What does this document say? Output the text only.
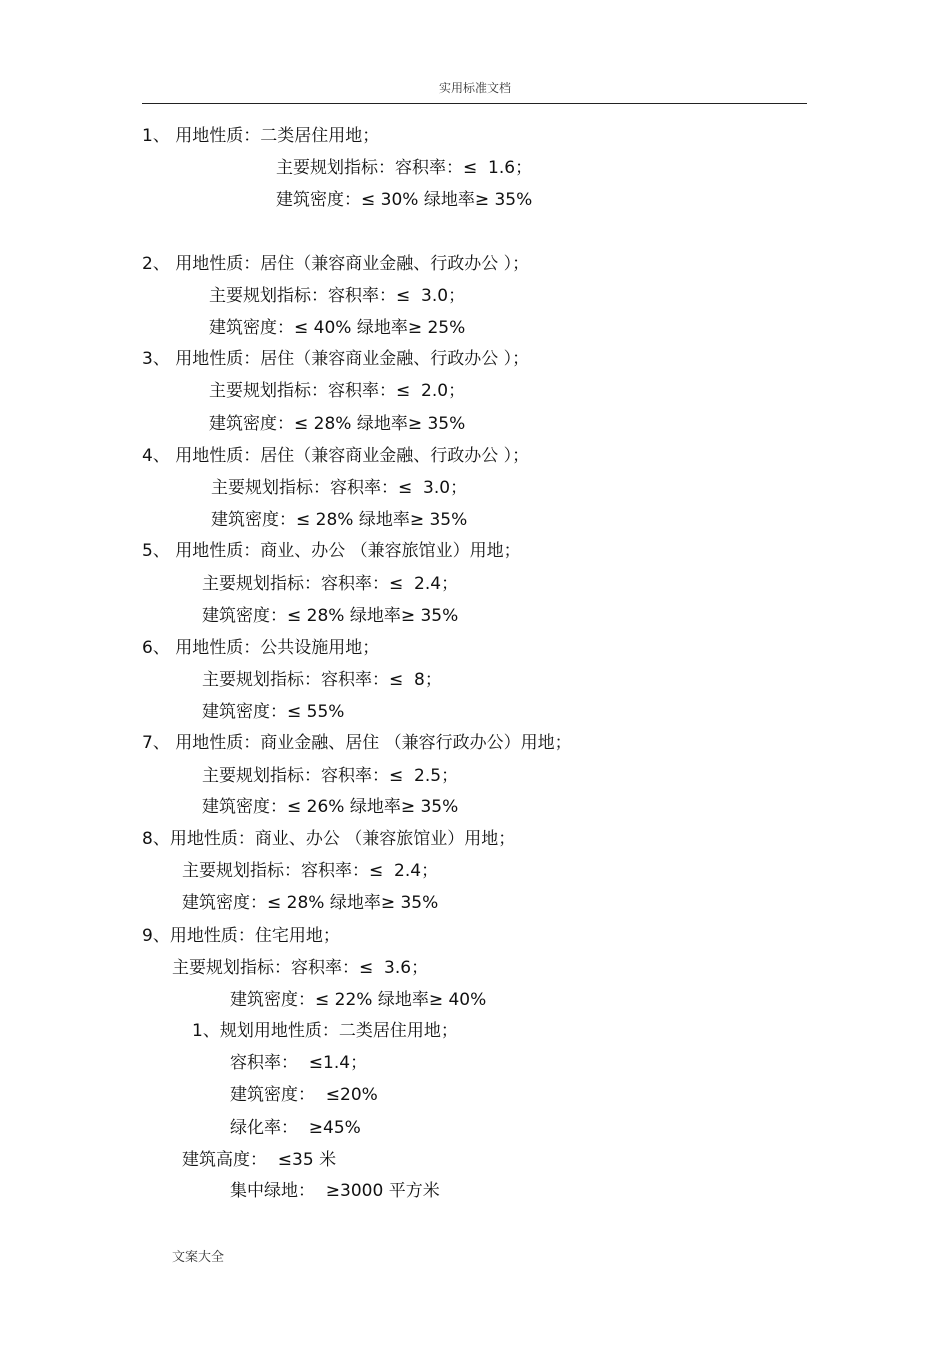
实用标准文档
1、 用地性质：二类居住用地；
主要规划指标：容积率：≤  1.6；
建筑密度：≤ 30% 绿地率≥ 35%
2、 用地性质：居住（兼容商业金融、行政办公 ）；
主要规划指标：容积率：≤  3.0；
建筑密度：≤ 40% 绿地率≥ 25%
3、 用地性质：居住（兼容商业金融、行政办公 ）；
主要规划指标：容积率：≤  2.0；
建筑密度：≤ 28% 绿地率≥ 35%
4、 用地性质：居住（兼容商业金融、行政办公 ）；
主要规划指标：容积率：≤  3.0；
建筑密度：≤ 28% 绿地率≥ 35%
5、 用地性质：商业、办公 （兼容旅馆业）用地；
主要规划指标：容积率：≤  2.4；
建筑密度：≤ 28% 绿地率≥ 35%
6、 用地性质：公共设施用地；
主要规划指标：容积率：≤  8；
建筑密度：≤ 55%
7、 用地性质：商业金融、居住 （兼容行政办公）用地；
主要规划指标：容积率：≤  2.5；
建筑密度：≤ 26% 绿地率≥ 35%
8、用地性质：商业、办公 （兼容旅馆业）用地；
主要规划指标：容积率：≤  2.4；
建筑密度：≤ 28% 绿地率≥ 35%
9、用地性质：住宅用地；
主要规划指标：容积率：≤  3.6；
建筑密度：≤ 22% 绿地率≥ 40%
1、规划用地性质：二类居住用地；
容积率：  ≤1.4；
建筑密度：  ≤20%
绿化率：  ≥45%
建筑高度：  ≤35 米
集中绿地：  ≥3000 平方米
文案大全
